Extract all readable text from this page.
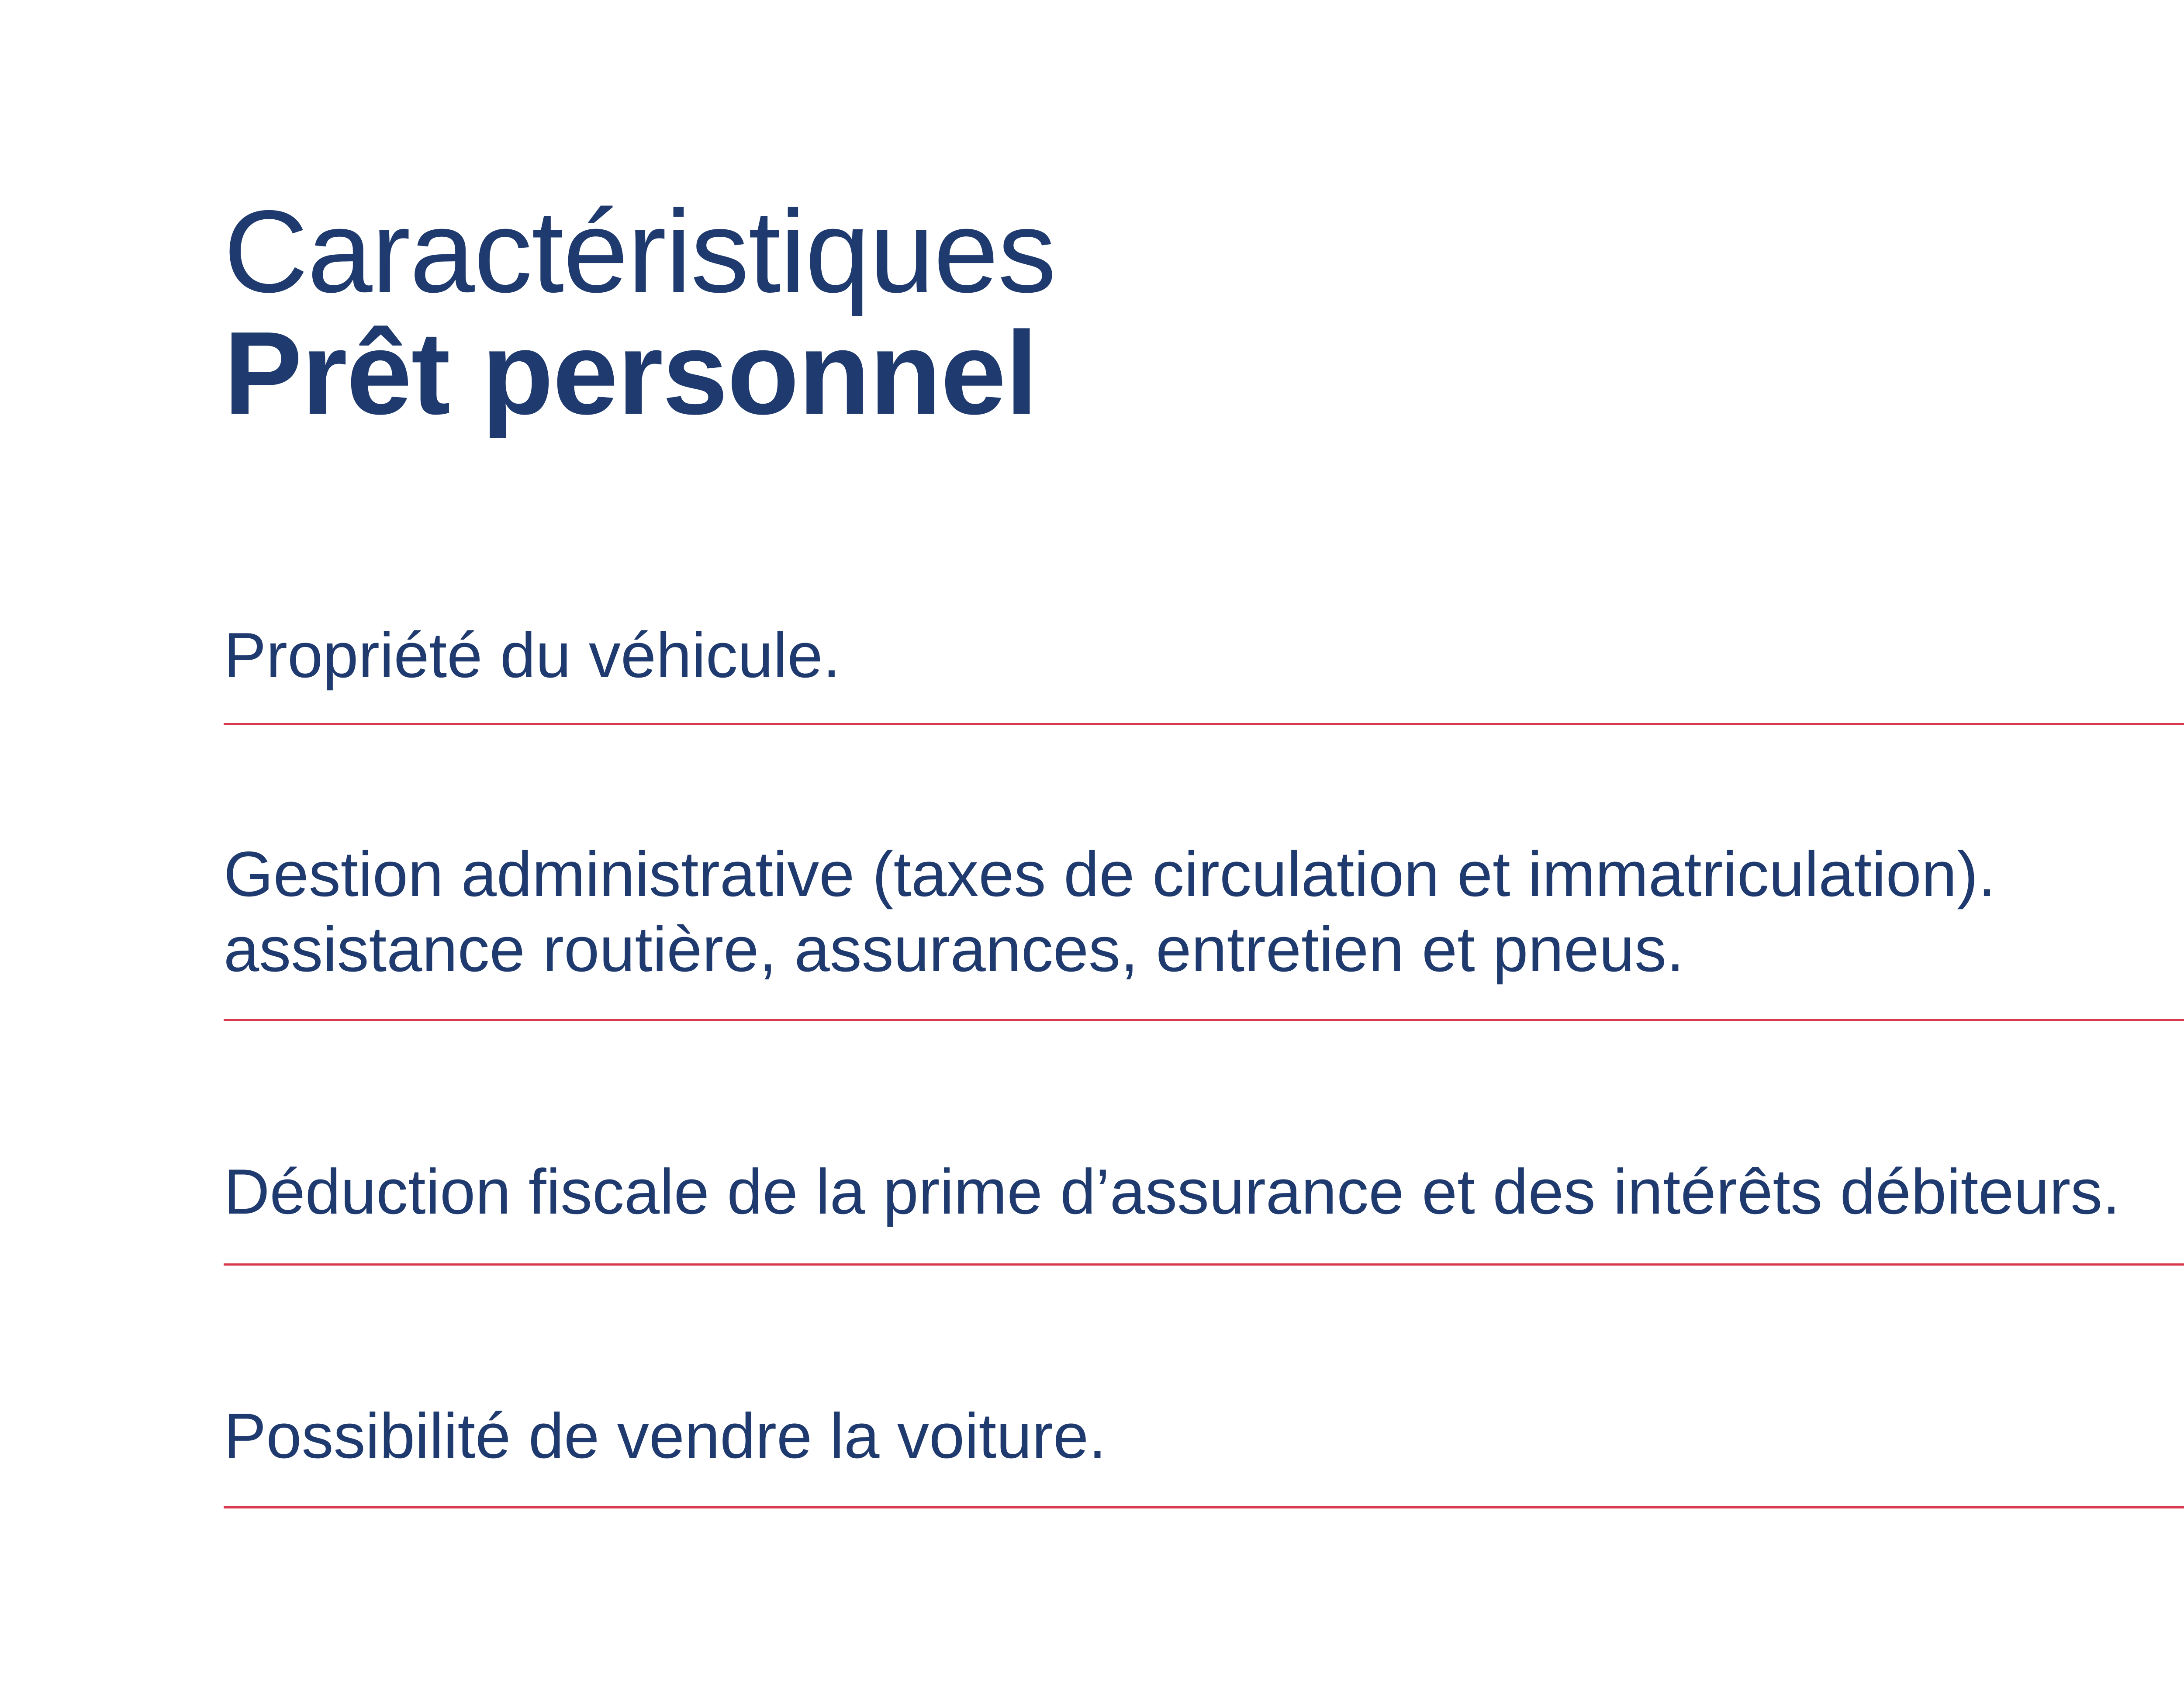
Caractéristiques
Prêt personnel
Propriété du véhicule.
Gestion administrative (taxes de circulation et immatriculation).
assistance routière, assurances, entretien et pneus.
Déduction fiscale de la prime d’assurance et des intérêts débiteurs.
Possibilité de vendre la voiture.
